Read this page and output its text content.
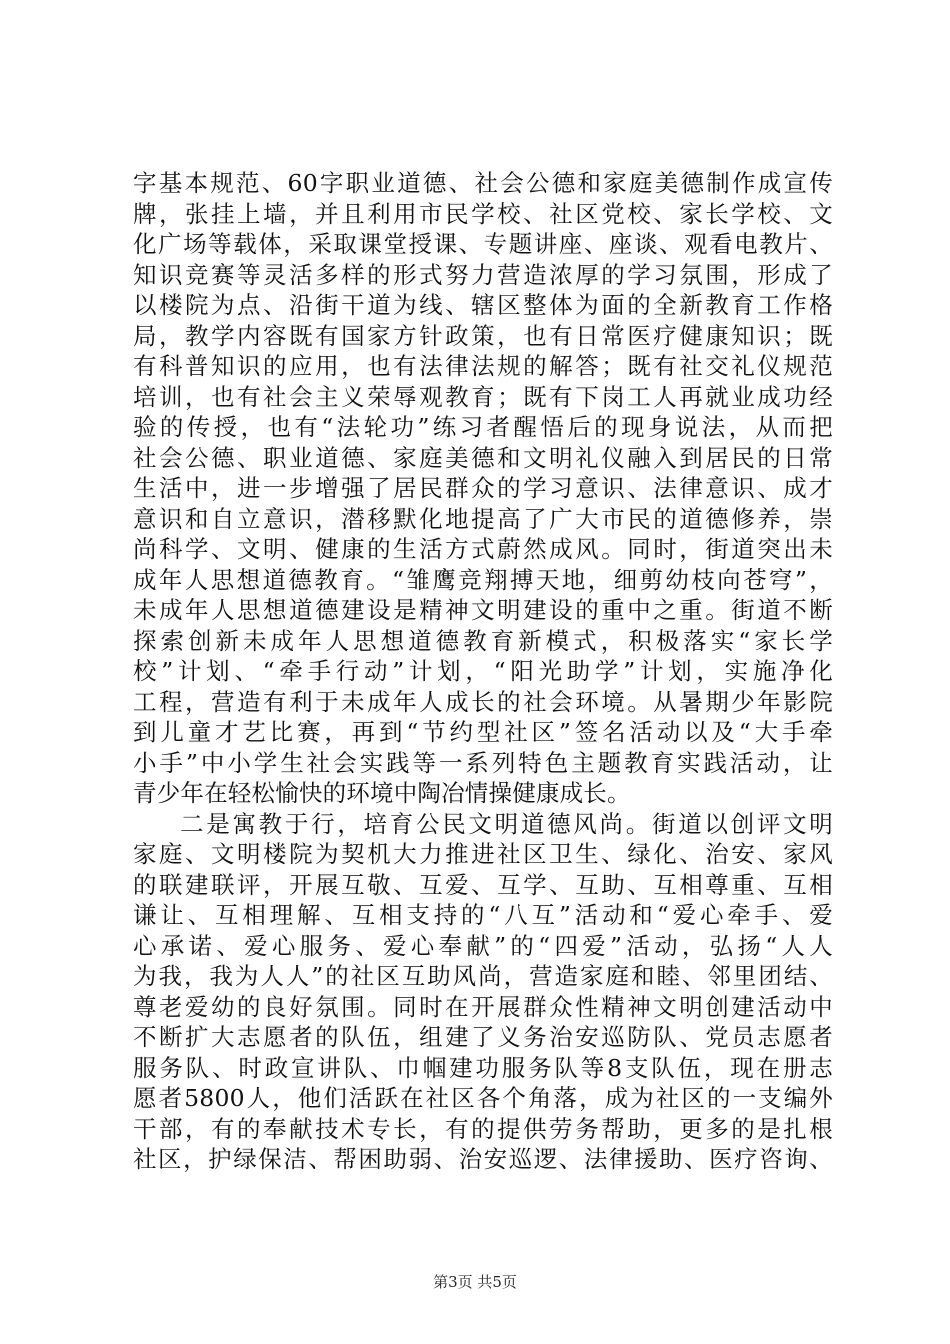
字基本规范、60字职业道德、社会公德和家庭美德制作成宣传
牌，张挂上墙，并且利用市民学校、社区党校、家长学校、文
化广场等载体，采取课堂授课、专题讲座、座谈、观看电教片、
知识竞赛等灵活多样的形式努力营造浓厚的学习氛围，形成了
以楼院为点、沿街干道为线、辖区整体为面的全新教育工作格
局，教学内容既有国家方针政策，也有日常医疗健康知识；既
有科普知识的应用，也有法律法规的解答；既有社交礼仪规范
培训，也有社会主义荣辱观教育；既有下岗工人再就业成功经
验的传授，也有“法轮功”练习者醒悟后的现身说法，从而把
社会公德、职业道德、家庭美德和文明礼仪融入到居民的日常
生活中，进一步增强了居民群众的学习意识、法律意识、成才
意识和自立意识，潜移默化地提高了广大市民的道德修养，崇
尚科学、文明、健康的生活方式蔚然成风。同时，街道突出未
成年人思想道德教育。“雏鹰竞翔搏天地，细剪幼枝向苍穹”，
未成年人思想道德建设是精神文明建设的重中之重。街道不断
探索创新未成年人思想道德教育新模式，积极落实“家长学
校”计划、“牵手行动”计划，“阳光助学”计划，实施净化
工程，营造有利于未成年人成长的社会环境。从暑期少年影院
到儿童才艺比赛，再到“节约型社区”签名活动以及“大手牵
小手”中小学生社会实践等一系列特色主题教育实践活动，让
青少年在轻松愉快的环境中陶冶情操健康成长。
二是寓教于行，培育公民文明道德风尚。街道以创评文明
家庭、文明楼院为契机大力推进社区卫生、绿化、治安、家风
的联建联评，开展互敬、互爱、互学、互助、互相尊重、互相
谦让、互相理解、互相支持的“八互”活动和“爱心牵手、爱
心承诺、爱心服务、爱心奉献”的“四爱”活动，弘扬“人人
为我，我为人人”的社区互助风尚，营造家庭和睦、邻里团结、
尊老爱幼的良好氛围。同时在开展群众性精神文明创建活动中
不断扩大志愿者的队伍，组建了义务治安巡防队、党员志愿者
服务队、时政宣讲队、巾帼建功服务队等8支队伍，现在册志
愿者5800人，他们活跃在社区各个角落，成为社区的一支编外
干部，有的奉献技术专长，有的提供劳务帮助，更多的是扎根
社区，护绿保洁、帮困助弱、治安巡逻、法律援助、医疗咨询、
第3页 共5页
